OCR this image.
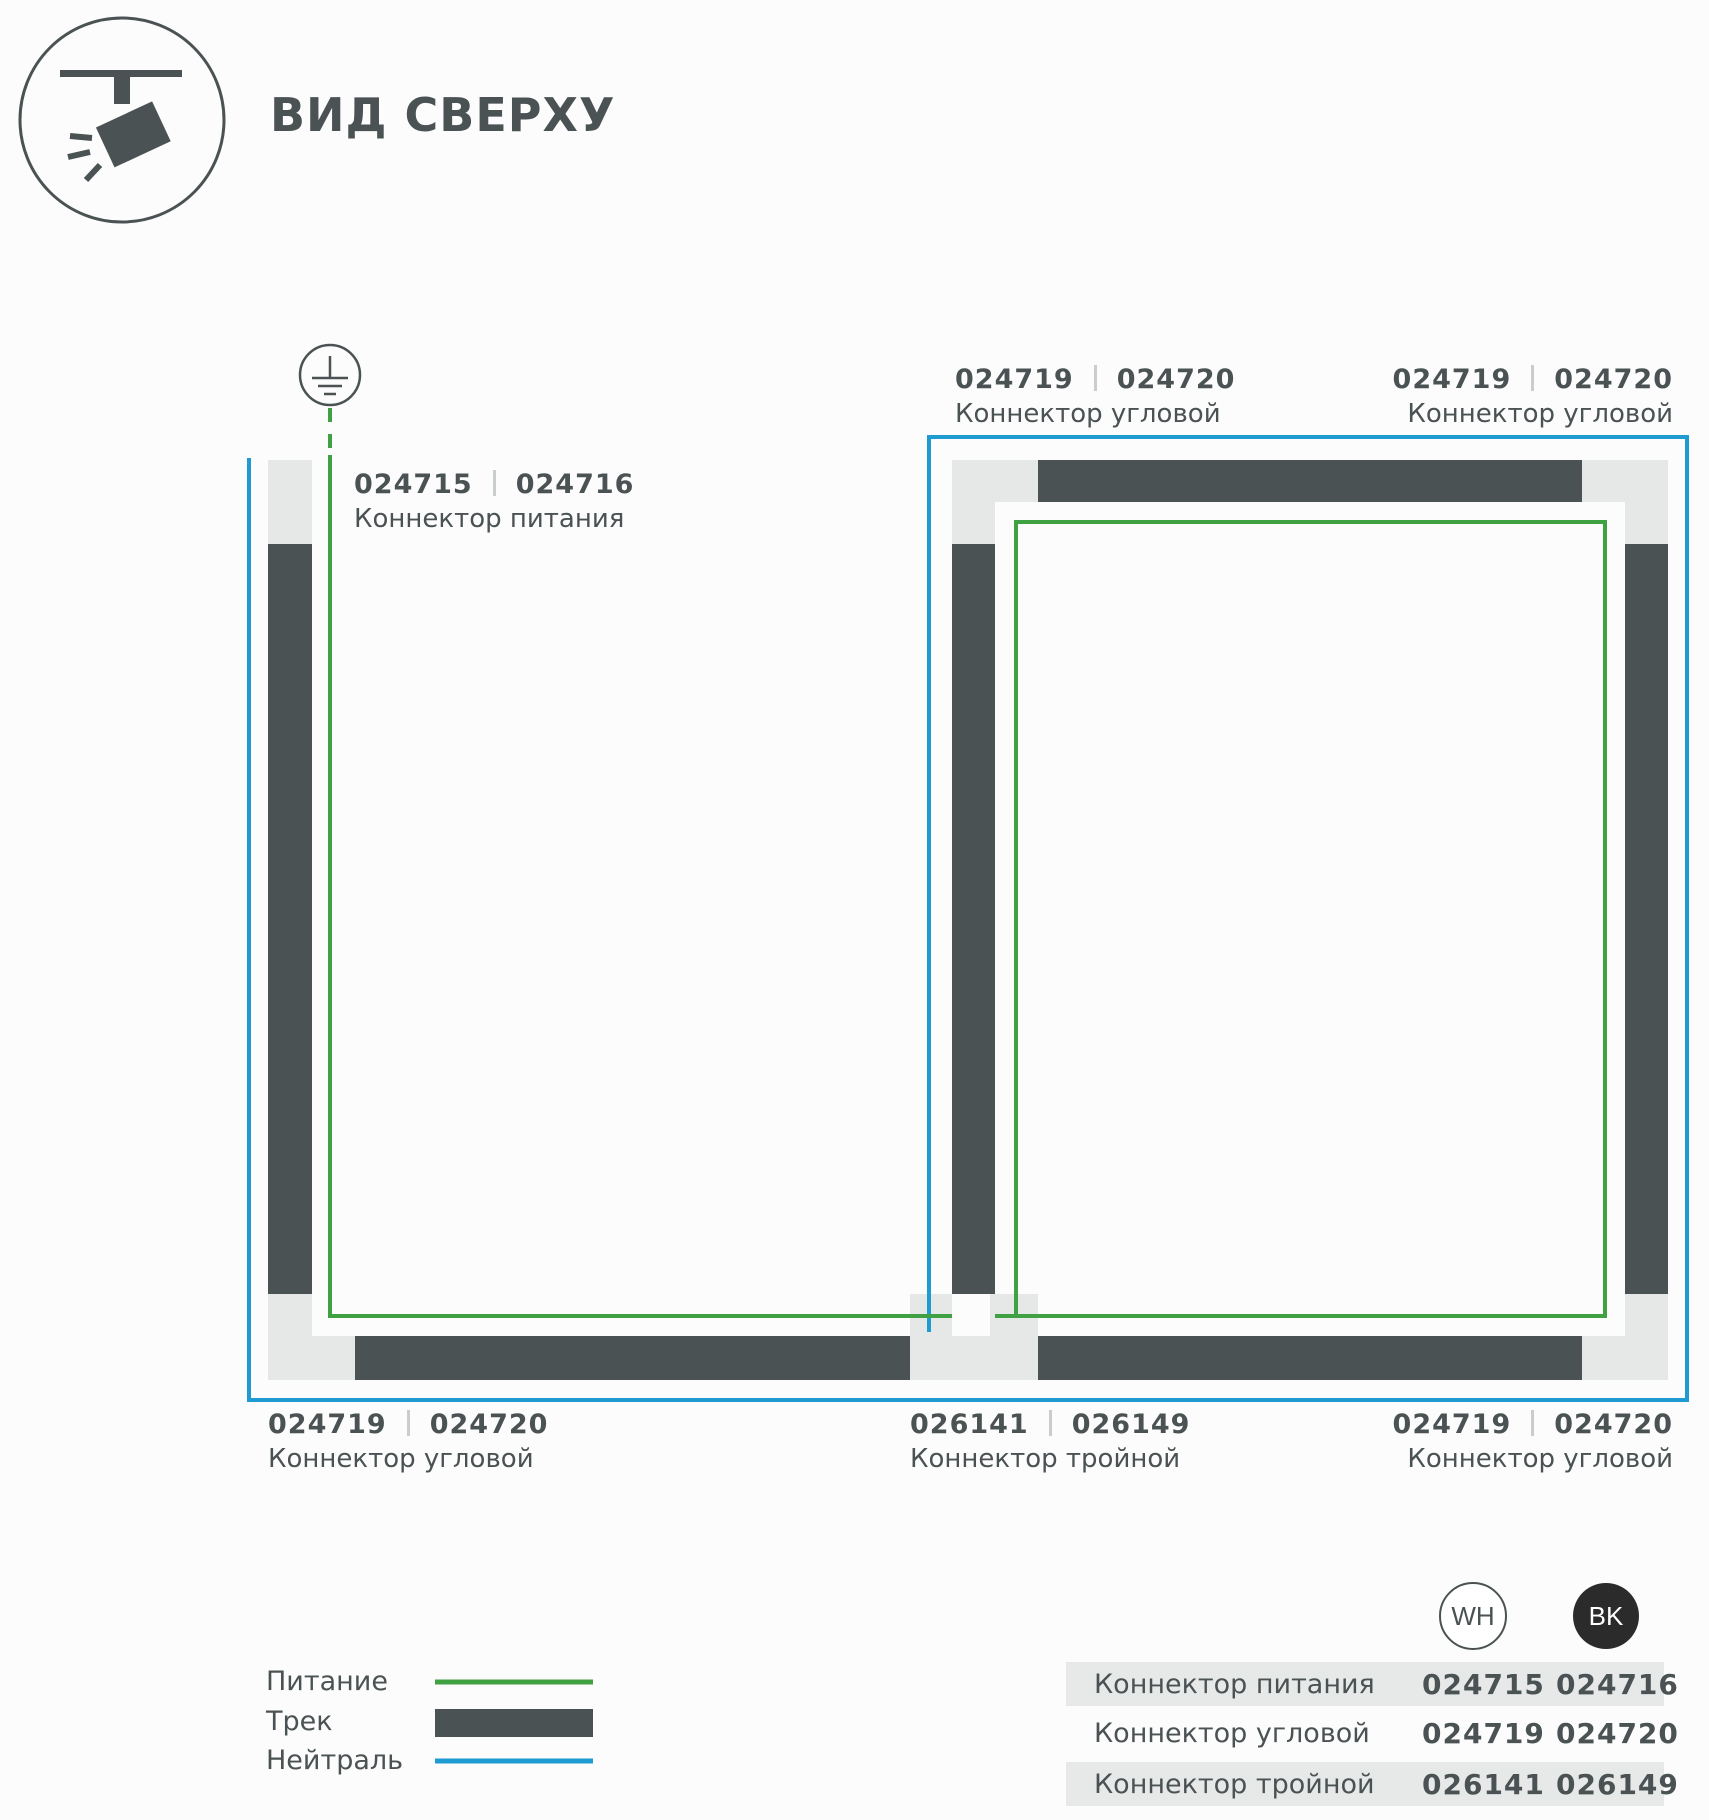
ВИД СВЕРХУ
024715 024716
Коннектор питания
024719 024720
Коннектор угловой
024719 024720
Коннектор угловой
024719 024720
Коннектор угловой
026141 026149
Коннектор тройной
024719 024720
Коннектор угловой
Питание
Трек
Нейтраль
WH	BK
Коннектор питания 024715 024716
Коннектор угловой 024719 024720
Коннектор тройной 026141 026149
